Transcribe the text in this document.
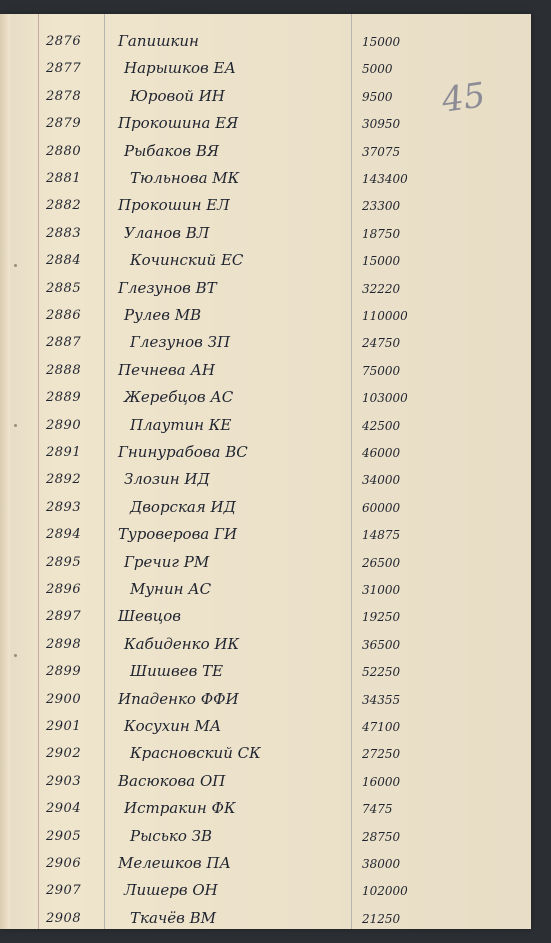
45
2876 Гапишкин	15000
2877	Нарышков ЕА	5000
2878	Юровой ИН	9500
2879 Прокошина ЕЯ	30950
2880	Рыбаков ВЯ	37075
2881	Тюльнова МК	143400
2882 Прокошин ЕЛ	23300
2883	Уланов ВЛ	18750
2884	Кочинский ЕС	15000
2885 Глезунов ВТ	32220
2886	Рулев МВ	110000
2887	Глезунов ЗП	24750
2888 Печнева АН	75000
2889	Жеребцов АС	103000
2890	Плаутин КЕ	42500
2891 Гнинурабова ВС	46000
2892	Злозин ИД	34000
2893	Дворская ИД	60000
2894 Туроверова ГИ	14875
2895	Гречиг РМ	26500
2896	Мунин АС	31000
2897 Шевцов	19250
2898	Кабиденко ИК	36500
2899	Шишвев ТЕ	52250
2900 Ипаденко ФФИ	34355
2901	Косухин МА	47100
2902	Красновский СК	27250
2903 Васюкова ОП	16000
2904	Истракин ФК	7475
2905	Рысько ЗВ	28750
2906 Мелешков ПА	38000
2907	Лишерв ОН	102000
2908	Ткачёв ВМ	21250
